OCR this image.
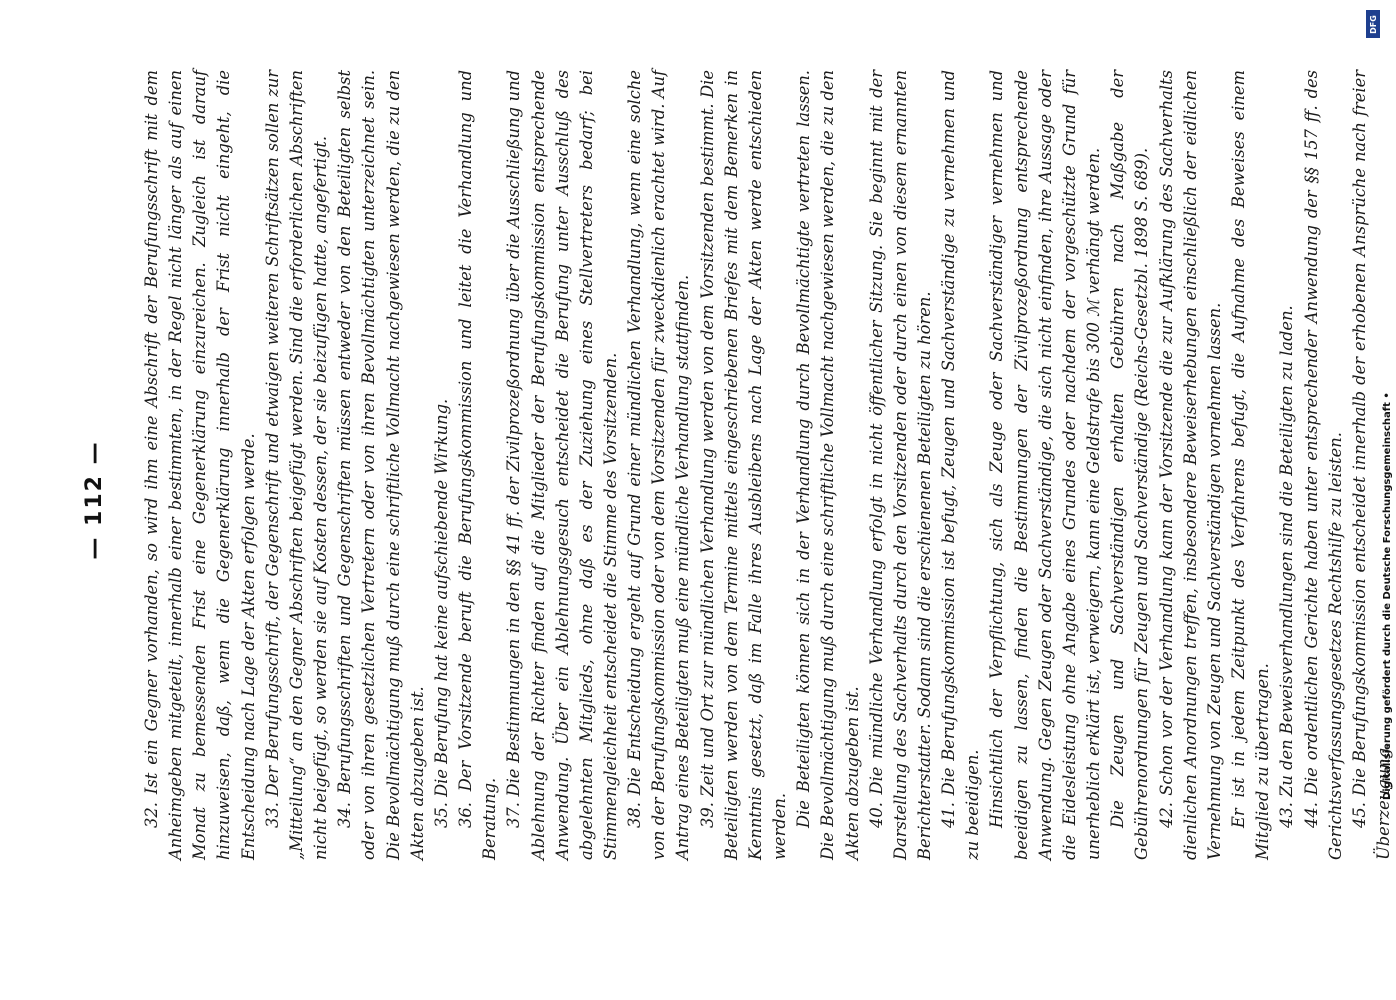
— 112 — 32. Ist ein Gegner vorhanden, so wird ihm eine Abschrift der Berufungsschrift mit dem Anheimgeben mitgeteilt, innerhalb einer bestimmten, in der Regel nicht länger als auf einen Monat zu bemessenden Frist eine Gegenerklärung einzureichen. Zugleich ist darauf hinzuweisen, daß, wenn die Gegenerklärung innerhalb der Frist nicht eingeht, die Entscheidung nach Lage der Akten erfolgen werde. 33. Der Berufungsschrift, der Gegenschrift und etwaigen weiteren Schriftsätzen sollen zur „Mitteilung“ an den Gegner Abschriften beigefügt werden. Sind die erforderlichen Abschriften nicht beigefügt, so werden sie auf Kosten dessen, der sie beizufügen hatte, angefertigt. 34. Berufungsschriften und Gegenschriften müssen entweder von den Beteiligten selbst oder von ihren gesetzlichen Vertretern oder von ihren Bevollmächtigten unterzeichnet sein. Die Bevollmächtigung muß durch eine schriftliche Vollmacht nachgewiesen werden, die zu den Akten abzugeben ist. 35. Die Berufung hat keine aufschiebende Wirkung. 36. Der Vorsitzende beruft die Berufungskommission und leitet die Verhandlung und Beratung. 37. Die Bestimmungen in den §§ 41 ff. der Zivilprozeßordnung über die Ausschließung und Ablehnung der Richter finden auf die Mitglieder der Berufungskommission entsprechende Anwendung. Über ein Ablehnungsgesuch entscheidet die Berufung unter Ausschluß des abgelehnten Mitglieds, ohne daß es der Zuziehung eines Stellvertreters bedarf; bei Stimmengleichheit entscheidet die Stimme des Vorsitzenden. 38. Die Entscheidung ergeht auf Grund einer mündlichen Verhandlung, wenn eine solche von der Berufungskommission oder von dem Vorsitzenden für zweckdienlich erachtet wird. Auf Antrag eines Beteiligten muß eine mündliche Verhandlung stattfinden. 39. Zeit und Ort zur mündlichen Verhandlung werden von dem Vorsitzenden bestimmt. Die Beteiligten werden von dem Termine mittels eingeschriebenen Briefes mit dem Bemerken in Kenntnis gesetzt, daß im Falle ihres Ausbleibens nach Lage der Akten werde entschieden werden. Die Beteiligten können sich in der Verhandlung durch Bevollmächtigte vertreten lassen. Die Bevollmächtigung muß durch eine schriftliche Vollmacht nachgewiesen werden, die zu den Akten abzugeben ist. 40. Die mündliche Verhandlung erfolgt in nicht öffentlicher Sitzung. Sie beginnt mit der Darstellung des Sachverhalts durch den Vorsitzenden oder durch einen von diesem ernannten Berichterstatter. Sodann sind die erschienenen Beteiligten zu hören. 41. Die Berufungskommission ist befugt, Zeugen und Sachverständige zu vernehmen und zu beeidigen. Hinsichtlich der Verpflichtung, sich als Zeuge oder Sachverständiger vernehmen und beeidigen zu lassen, finden die Bestimmungen der Zivilprozeßordnung entsprechende Anwendung. Gegen Zeugen oder Sachverständige, die sich nicht einfinden, ihre Aussage oder die Eidesleistung ohne Angabe eines Grundes oder nachdem der vorgeschützte Grund für unerheblich erklärt ist, verweigern, kann eine Geldstrafe bis 300 ℳ verhängt werden. Die Zeugen und Sachverständigen erhalten Gebühren nach Maßgabe der Gebührenordnungen für Zeugen und Sachverständige (Reichs-Gesetzbl. 1898 S. 689). 42. Schon vor der Verhandlung kann der Vorsitzende die zur Aufklärung des Sachverhalts dienlichen Anordnungen treffen, insbesondere Beweiserhebungen einschließlich der eidlichen Vernehmung von Zeugen und Sachverständigen vornehmen lassen. Er ist in jedem Zeitpunkt des Verfahrens befugt, die Aufnahme des Beweises einem Mitglied zu übertragen. 43. Zu den Beweisverhandlungen sind die Beteiligten zu laden. 44. Die ordentlichen Gerichte haben unter entsprechender Anwendung der §§ 157 ff. des Gerichtsverfassungsgesetzes Rechtshilfe zu leisten. 45. Die Berufungskommission entscheidet innerhalb der erhobenen Ansprüche nach freier Überzeugung.

DFG
Digitalisierung gefördert durch die Deutsche Forschungsgemeinschaft •
